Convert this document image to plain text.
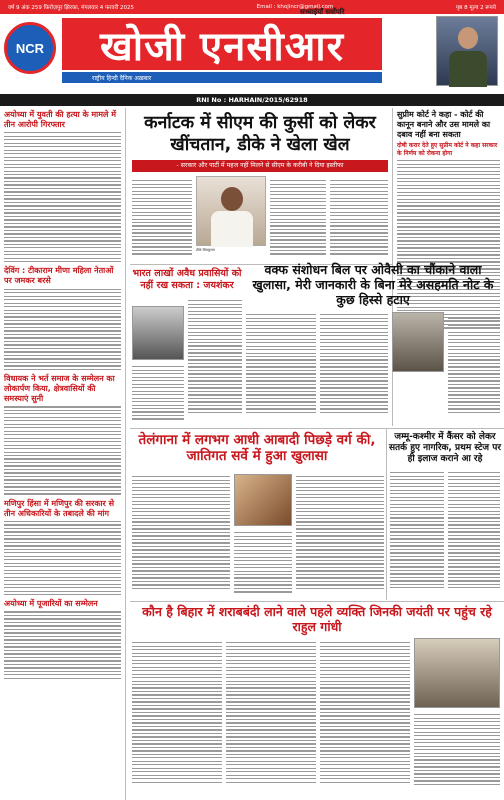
वर्ष 9 अंक 259 फ़िरोज़पुर झिरका, मंगलवार 4 फरवरी 2025	Email : khojincr@gmail.com	पृष्ठ 8 मूल्य 2 रूपये
NCR
सच्चाईयाँ सर्वोपरि
खोजी एनसीआर
राष्ट्रीय हिन्दी दैनिक अख़बार
RNI No : HARHAIN/2015/62918
अयोध्या में युवती की हत्या के मामले में तीन आरोपी गिरफ्तार
देविंग : टीकाराम मीणा महिला नेताओं पर जमकर बरसे
विधायक ने भर्त समाज के सम्मेलन का लोकार्पण किया, क्षेत्रवासियों की समस्याएं सुनी
मणिपुर हिंसा में मणिपुर की सरकार से तीन अधिकारियों के तबादले की मांग
अयोध्या में पूजारियों का सम्मेलन
कर्नाटक में सीएम की कुर्सी को लेकर खींचतान, डीके ने खेला खेल
- सरकार और पार्टी में महज नहीं मिलने से सीएम के करीबी ने दिया इस्तीफा
डीके शिवकुमार
सुप्रीम कोर्ट ने कहा - कोर्ट की कानून बनाने और उस मामले का दबाव नहीं बना सकता
दोषी करार देते हुए सुप्रीम कोर्ट ने कहा सरकार के निर्णय को रोकना होगा
भारत लाखों अवैध प्रवासियों को नहीं रख सकता : जयशंकर
वक्फ संशोधन बिल पर ओवैसी का चौंकाने वाला खुलासा, मेरी जानकारी के बिना मेरे असहमति नोट के कुछ हिस्से हटाए
तेलंगाना में लगभग आधी आबादी पिछड़े वर्ग की, जातिगत सर्वे में हुआ खुलासा
जम्मू-कश्मीर में कैंसर को लेकर सतर्क हुए नागरिक, प्रथम स्टेज पर ही इलाज कराने आ रहे
कौन है बिहार में शराबबंदी लाने वाले पहले व्यक्ति जिनकी जयंती पर पहुंच रहे राहुल गांधी
